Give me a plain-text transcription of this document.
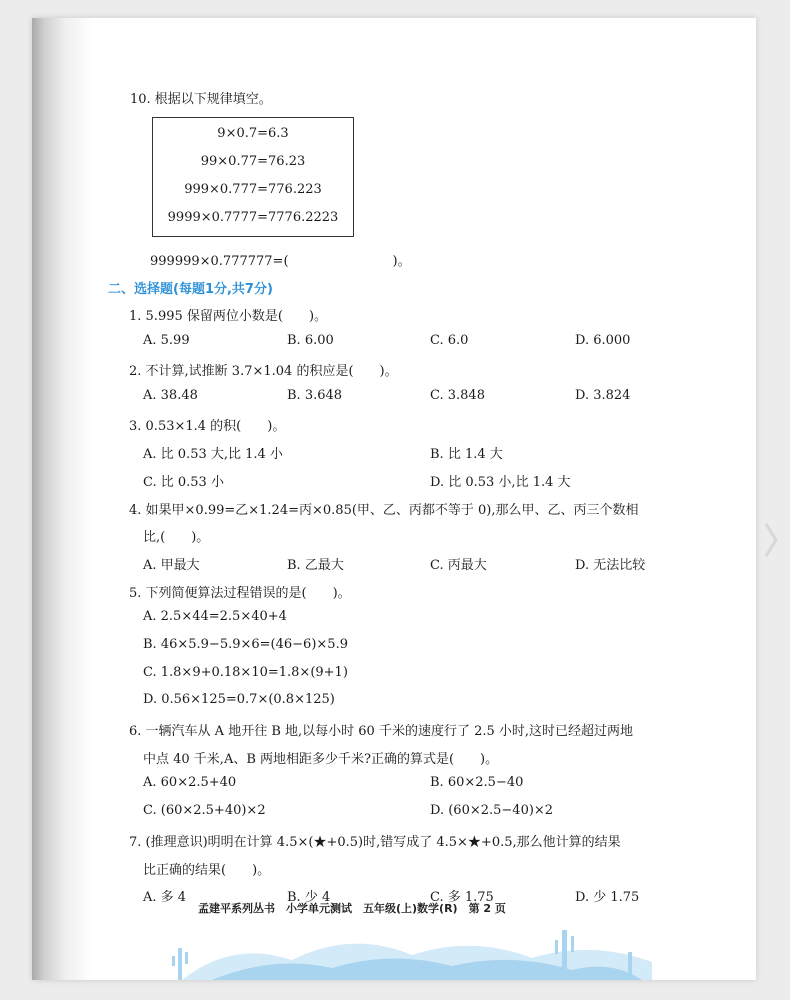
10. 根据以下规律填空。
9×0.7=6.3
99×0.77=76.23
999×0.777=776.223
9999×0.7777=7776.2223
999999×0.777777=(　　　　　　　　)。
二、选择题(每题1分,共7分)
1. 5.995 保留两位小数是(　　)。
A. 5.99	B. 6.00	C. 6.0	D. 6.000
2. 不计算,试推断 3.7×1.04 的积应是(　　)。
A. 38.48	B. 3.648	C. 3.848	D. 3.824
3. 0.53×1.4 的积(　　)。
A. 比 0.53 大,比 1.4 小	B. 比 1.4 大
C. 比 0.53 小	D. 比 0.53 小,比 1.4 大
4. 如果甲×0.99=乙×1.24=丙×0.85(甲、乙、丙都不等于 0),那么甲、乙、丙三个数相
比,(　　)。
A. 甲最大	B. 乙最大	C. 丙最大	D. 无法比较
5. 下列简便算法过程错误的是(　　)。
A. 2.5×44=2.5×40+4
B. 46×5.9−5.9×6=(46−6)×5.9
C. 1.8×9+0.18×10=1.8×(9+1)
D. 0.56×125=0.7×(0.8×125)
6. 一辆汽车从 A 地开往 B 地,以每小时 60 千米的速度行了 2.5 小时,这时已经超过两地
中点 40 千米,A、B 两地相距多少千米?正确的算式是(　　)。
A. 60×2.5+40	B. 60×2.5−40
C. (60×2.5+40)×2	D. (60×2.5−40)×2
7. (推理意识)明明在计算 4.5×(★+0.5)时,错写成了 4.5×★+0.5,那么他计算的结果
比正确的结果(　　)。
A. 多 4	B. 少 4	C. 多 1.75	D. 少 1.75
孟建平系列丛书　小学单元测试　五年级(上)数学(R)　第 2 页
